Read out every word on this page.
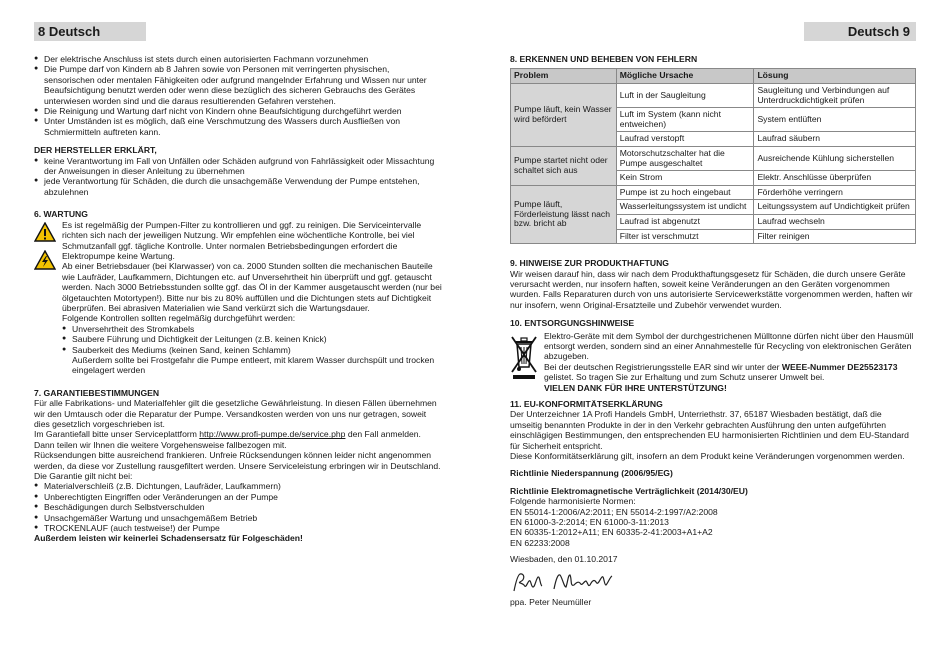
8 Deutsch
● Der elektrische Anschluss ist stets durch einen autorisierten Fachmann vorzunehmen
● Die Pumpe darf von Kindern ab 8 Jahren sowie von Personen mit verringerten physischen, sensorischen oder mentalen Fähigkeiten oder aufgrund mangelnder Erfahrung und Wissen nur unter Beaufsichtigung benutzt werden oder wenn diese bezüglich des sicheren Gebrauchs des Gerätes unterwiesen worden sind und die daraus resultierenden Gefahren verstehen.
● Die Reinigung und Wartung darf nicht von Kindern ohne Beaufsichtigung durchgeführt werden
● Unter Umständen ist es möglich, daß eine Verschmutzung des Wassers durch Ausfließen von Schmiermitteln auftreten kann.
DER HERSTELLER ERKLÄRT,
● keine Verantwortung im Fall von Unfällen oder Schäden aufgrund von Fahrlässigkeit oder Missachtung der Anweisungen in dieser Anleitung zu übernehmen
● jede Verantwortung für Schäden, die durch die unsachgemäße Verwendung der Pumpe entstehen, abzulehnen
6. WARTUNG
Es ist regelmäßig der Pumpen-Filter zu kontrollieren und ggf. zu reinigen. Die Serviceintervalle richten sich nach der jeweiligen Nutzung. Wir empfehlen eine wöchentliche Kontrolle, bei viel Schmutzanfall ggf. tägliche Kontrolle. Unter normalen Betriebsbedingungen erfordert die Elektropumpe keine Wartung.
Ab einer Betriebsdauer (bei Klarwasser) von ca. 2000 Stunden sollten die mechanischen Bauteile wie Laufräder, Laufkammern, Dichtungen etc. auf Unversehrtheit hin überprüft und ggf. getauscht werden. Nach 3000 Betriebsstunden sollte ggf. das Öl in der Kammer ausgetauscht werden (nur bei ölgetauchten Motortypen!). Bitte nur bis zu 80% auffüllen und die Dichtungen stets auf Dichtigkeit überprüfen. Bei abrasiven Materialien wie Sand verkürzt sich die Wartungsdauer.
Folgende Kontrollen sollten regelmäßig durchgeführt werden:
● Unversehrtheit des Stromkabels
● Saubere Führung und Dichtigkeit der Leitungen (z.B. keinen Knick)
● Sauberkeit des Mediums (keinen Sand, keinen Schlamm)
Außerdem sollte bei Frostgefahr die Pumpe entleert, mit klarem Wasser durchspült und trocken eingelagert werden
7. GARANTIEBESTIMMUNGEN
Für alle Fabrikations- und Materialfehler gilt die gesetzliche Gewährleistung. In diesen Fällen übernehmen wir den Umtausch oder die Reparatur der Pumpe. Versandkosten werden von uns nur getragen, soweit dies gesetzlich vorgeschrieben ist.
Im Garantiefall bitte unser Serviceplattform http://www.profi-pumpe.de/service.php den Fall anmelden. Dann teilen wir Ihnen die weitere Vorgehensweise fallbezogen mit.
Rücksendungen bitte ausreichend frankieren. Unfreie Rücksendungen können leider nicht angenommen werden, da diese vor Zustellung rausgefiltert werden. Unsere Serviceleistung erbringen wir in Deutschland.
Die Garantie gilt nicht bei:
● Materialverschleiß (z.B. Dichtungen, Laufräder, Laufkammern)
● Unberechtigten Eingriffen oder Veränderungen an der Pumpe
● Beschädigungen durch Selbstverschulden
● Unsachgemäßer Wartung und unsachgemäßem Betrieb
● TROCKENLAUF (auch testweise!) der Pumpe
Außerdem leisten wir keinerlei Schadensersatz für Folgeschäden!
Deutsch 9
8. ERKENNEN UND BEHEBEN VON FEHLERN
Problem	Mögliche Ursache	Lösung
Pumpe läuft, kein Wasser wird befördert	Luft in der Saugleitung	Saugleitung und Verbindungen auf Unterdruckdichtigkeit prüfen
	Luft im System (kann nicht entweichen)	System entlüften
	Laufrad verstopft	Laufrad säubern
Pumpe startet nicht oder schaltet sich aus	Motorschutzschalter hat die Pumpe ausgeschaltet	Ausreichende Kühlung sicherstellen
	Kein Strom	Elektr. Anschlüsse überprüfen
Pumpe läuft, Förderleistung lässt nach bzw. bricht ab	Pumpe ist zu hoch eingebaut	Förderhöhe verringern
	Wasserleitungssystem ist undicht	Leitungssystem auf Undichtigkeit prüfen
	Laufrad ist abgenutzt	Laufrad wechseln
	Filter ist verschmutzt	Filter reinigen
9. HINWEISE ZUR PRODUKTHAFTUNG
Wir weisen darauf hin, dass wir nach dem Produkthaftungsgesetz für Schäden, die durch unsere Geräte verursacht werden, nur insofern haften, soweit keine Veränderungen an den Geräten vorgenommen wurden. Falls Reparaturen durch von uns autorisierte Servicewerkstätte vorgenommen werden, haften wir nur insofern, wenn Original-Ersatzteile und Zubehör verwendet wurden.
10. ENTSORGUNGSHINWEISE
Elektro-Geräte mit dem Symbol der durchgestrichenen Mülltonne dürfen nicht über den Hausmüll entsorgt werden, sondern sind an einer Annahmestelle für Recycling von elektronischen Geräten abzugeben.
Bei der deutschen Registrierungsstelle EAR sind wir unter der WEEE-Nummer DE25523173 gelistet. So tragen Sie zur Erhaltung und zum Schutz unserer Umwelt bei.
VIELEN DANK FÜR IHRE UNTERSTÜTZUNG!
11. EU-KONFORMITÄTSERKLÄRUNG
Der Unterzeichner 1A Profi Handels GmbH, Unterriethstr. 37, 65187 Wiesbaden bestätigt, daß die umseitig benannten Produkte in der in den Verkehr gebrachten Ausführung den unten aufgeführten einschlägigen Bestimmungen, den entsprechenden EU harmonisierten Richtlinien und dem EU-Standard für Sicherheit entspricht.
Diese Konformitätserklärung gilt, insofern an dem Produkt keine Veränderungen vorgenommen werden.
Richtlinie Niederspannung (2006/95/EG)
Richtlinie Elektromagnetische Verträglichkeit (2014/30/EU)
Folgende harmonisierte Normen:
EN 55014-1:2006/A2:2011; EN 55014-2:1997/A2:2008
EN 61000-3-2:2014; EN 61000-3-11:2013
EN 60335-1:2012+A11; EN 60335-2-41:2003+A1+A2
EN 62233:2008
Wiesbaden, den 01.10.2017
ppa. Peter Neumüller
